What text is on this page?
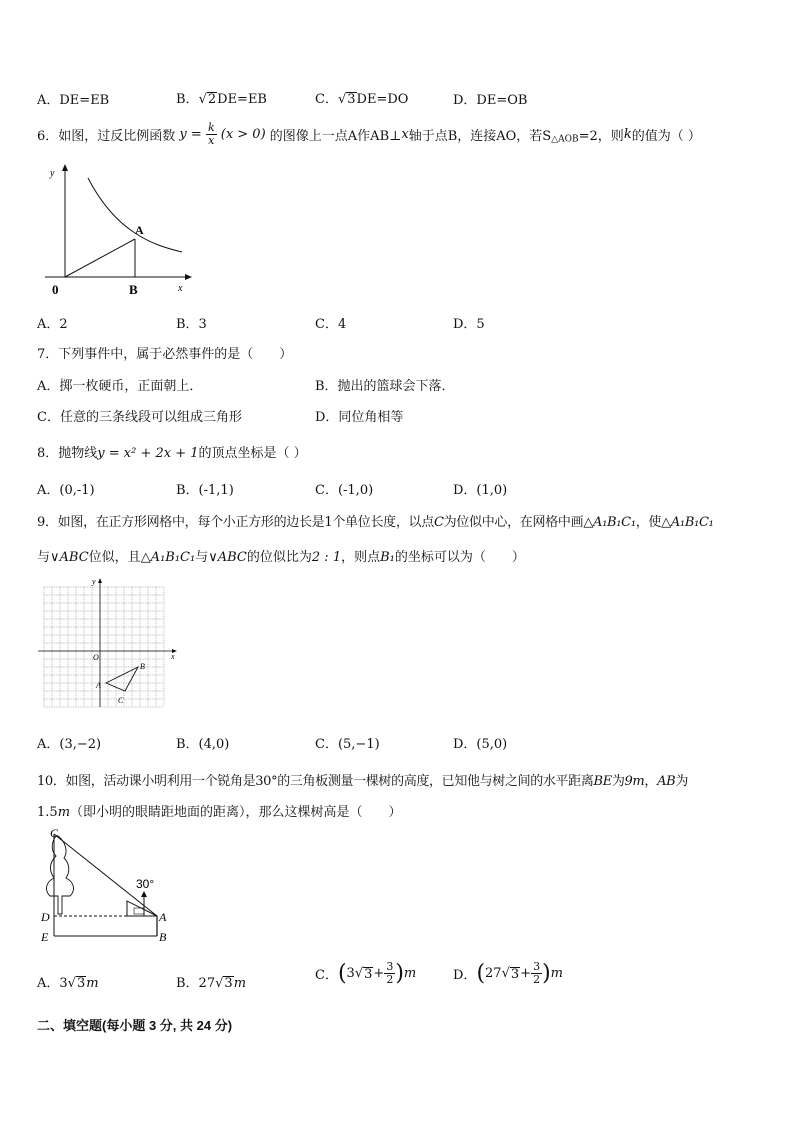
A．DE=EB	B．√2DE=EB	C．√3DE=DO	D．DE=OB
6．如图，过反比例函数 $y = \frac{k}{x} (x > 0)$ 的图像上一点A作AB⊥x轴于点B，连接AO，若$S_{\triangle AOB}=2$，则k的值为（ ）
y
x
A
0	B
A．2	B．3	C．4	D．5
7．下列事件中，属于必然事件的是（　　）
A．掷一枚硬币，正面朝上．	B．抛出的篮球会下落．
C．任意的三条线段可以组成三角形	D．同位角相等
8．抛物线y = x² + 2x + 1的顶点坐标是（ ）
A．(0,-1)	B．(-1,1)	C．(-1,0)	D．(1,0)
9．如图，在正方形网格中，每个小正方形的边长是1个单位长度，以点C为位似中心，在网格中画△A₁B₁C₁，使△A₁B₁C₁
与∨ABC位似，且△A₁B₁C₁与∨ABC的位似比为2 : 1，则点B₁的坐标可以为（　　）
y
x
O
A
B
C
A．(3,−2)	B．(4,0)	C．(5,−1)	D．(5,0)
10．如图，活动课小明利用一个锐角是30°的三角板测量一棵树的高度，已知他与树之间的水平距离BE为9m，AB为
1.5m（即小明的眼睛距地面的距离），那么这棵树高是（　　）
30°
C
D
E
A
B
A．3√3m	B．27√3m
C．$(3√3+ \frac{3}{2} )m$	D．$(27√3+ \frac{3}{2} )m$
二、填空题(每小题 3 分, 共 24 分)
